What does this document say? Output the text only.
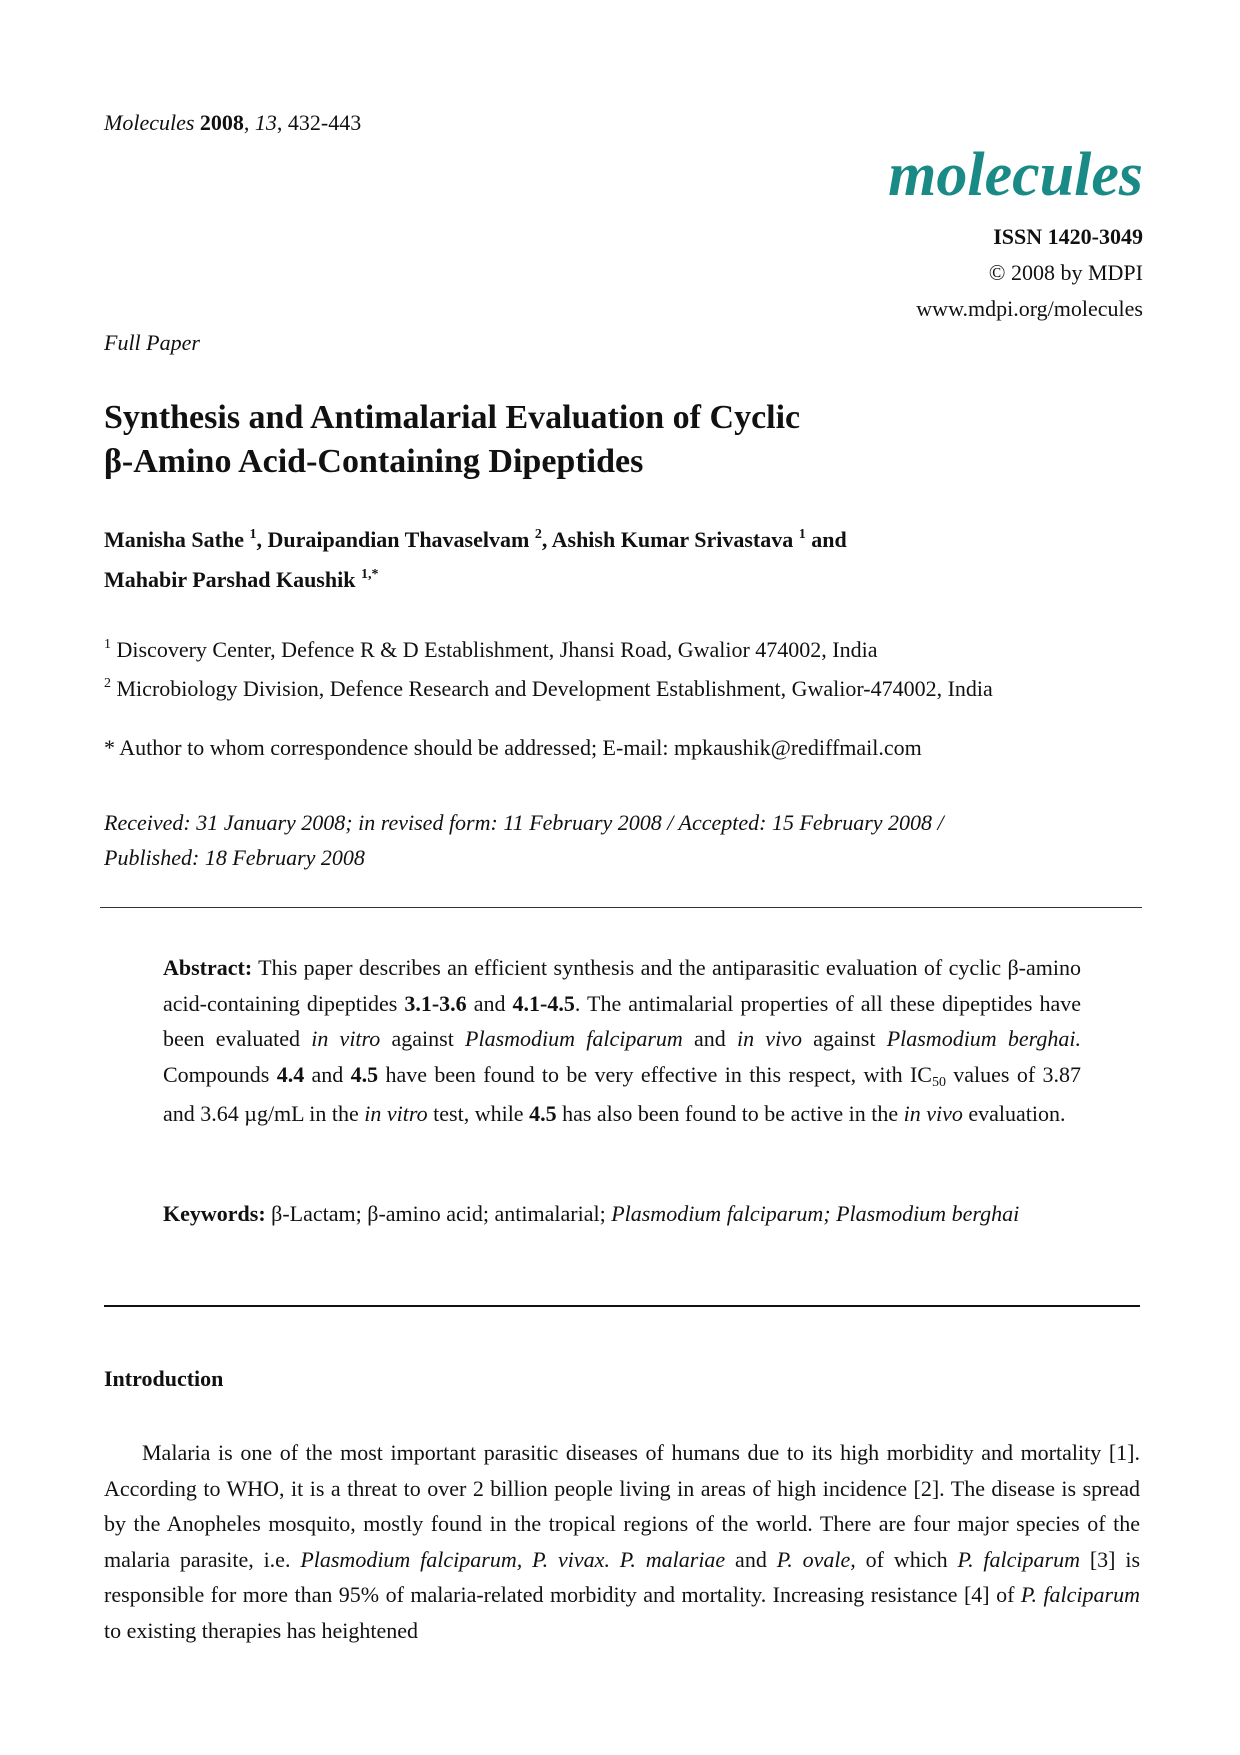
Molecules 2008, 13, 432-443
molecules
ISSN 1420-3049
© 2008 by MDPI
www.mdpi.org/molecules
Full Paper
Synthesis and Antimalarial Evaluation of Cyclic
β-Amino Acid-Containing Dipeptides
Manisha Sathe $^1$, Duraipandian Thavaselvam $^2$, Ashish Kumar Srivastava $^1$ and
Mahabir Parshad Kaushik $^{1,*}$
$^1$ Discovery Center, Defence R & D Establishment, Jhansi Road, Gwalior 474002, India
$^2$ Microbiology Division, Defence Research and Development Establishment, Gwalior-474002, India
* Author to whom correspondence should be addressed; E-mail: mpkaushik@rediffmail.com
Received: 31 January 2008; in revised form: 11 February 2008 / Accepted: 15 February 2008 /
Published: 18 February 2008
Abstract: This paper describes an efficient synthesis and the antiparasitic evaluation of cyclic β-amino acid-containing dipeptides 3.1-3.6 and 4.1-4.5. The antimalarial properties of all these dipeptides have been evaluated in vitro against Plasmodium falciparum and in vivo against Plasmodium berghai. Compounds 4.4 and 4.5 have been found to be very effective in this respect, with $IC_{50}$ values of 3.87 and 3.64 µg/mL in the in vitro test, while 4.5 has also been found to be active in the in vivo evaluation.
Keywords: β-Lactam; β-amino acid; antimalarial; Plasmodium falciparum; Plasmodium berghai
Introduction
Malaria is one of the most important parasitic diseases of humans due to its high morbidity and mortality [1]. According to WHO, it is a threat to over 2 billion people living in areas of high incidence [2]. The disease is spread by the Anopheles mosquito, mostly found in the tropical regions of the world. There are four major species of the malaria parasite, i.e. Plasmodium falciparum, P. vivax. P. malariae and P. ovale, of which P. falciparum [3] is responsible for more than 95% of malaria-related morbidity and mortality. Increasing resistance [4] of P. falciparum to existing therapies has heightened
